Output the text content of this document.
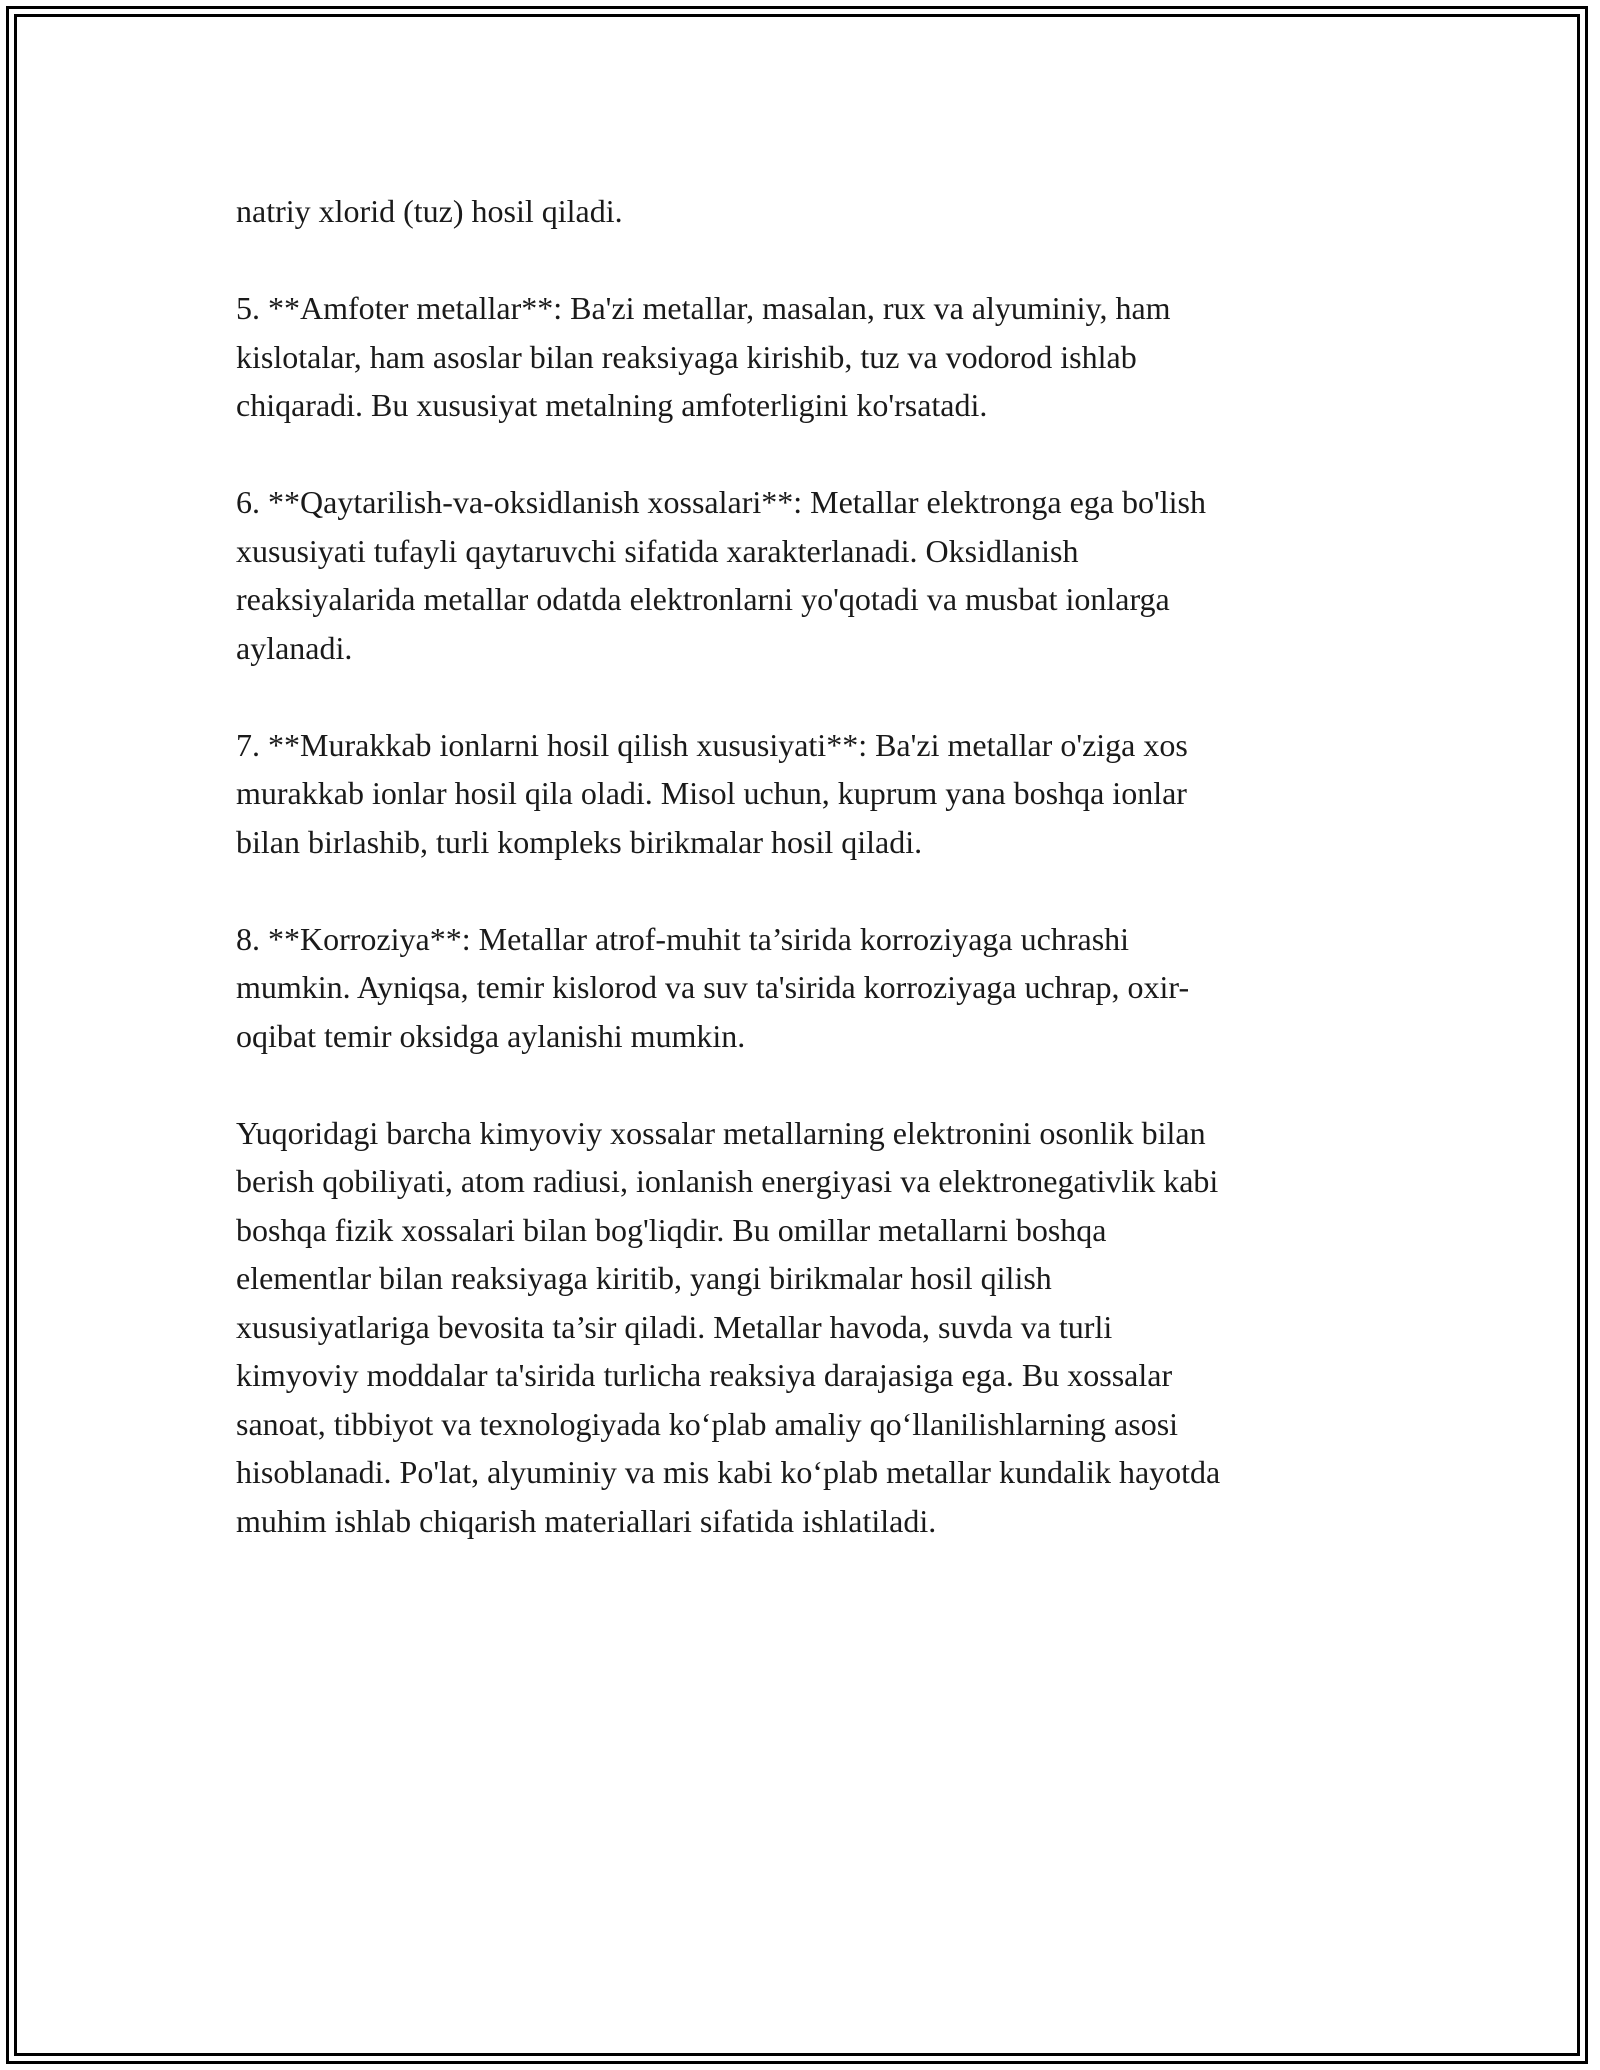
natriy xlorid (tuz) hosil qiladi.

5. **Amfoter metallar**: Ba'zi metallar, masalan, rux va alyuminiy, ham
kislotalar, ham asoslar bilan reaksiyaga kirishib, tuz va vodorod ishlab
chiqaradi. Bu xususiyat metalning amfoterligini ko'rsatadi.

6. **Qaytarilish-va-oksidlanish xossalari**: Metallar elektronga ega bo'lish
xususiyati tufayli qaytaruvchi sifatida xarakterlanadi. Oksidlanish
reaksiyalarida metallar odatda elektronlarni yo'qotadi va musbat ionlarga
aylanadi.

7. **Murakkab ionlarni hosil qilish xususiyati**: Ba'zi metallar o'ziga xos
murakkab ionlar hosil qila oladi. Misol uchun, kuprum yana boshqa ionlar
bilan birlashib, turli kompleks birikmalar hosil qiladi.

8. **Korroziya**: Metallar atrof-muhit ta’sirida korroziyaga uchrashi
mumkin. Ayniqsa, temir kislorod va suv ta'sirida korroziyaga uchrap, oxir-
oqibat temir oksidga aylanishi mumkin.

Yuqoridagi barcha kimyoviy xossalar metallarning elektronini osonlik bilan
berish qobiliyati, atom radiusi, ionlanish energiyasi va elektronegativlik kabi
boshqa fizik xossalari bilan bog'liqdir. Bu omillar metallarni boshqa
elementlar bilan reaksiyaga kiritib, yangi birikmalar hosil qilish
xususiyatlariga bevosita ta’sir qiladi. Metallar havoda, suvda va turli
kimyoviy moddalar ta'sirida turlicha reaksiya darajasiga ega. Bu xossalar
sanoat, tibbiyot va texnologiyada ko‘plab amaliy qo‘llanilishlarning asosi
hisoblanadi. Po'lat, alyuminiy va mis kabi ko‘plab metallar kundalik hayotda
muhim ishlab chiqarish materiallari sifatida ishlatiladi.
